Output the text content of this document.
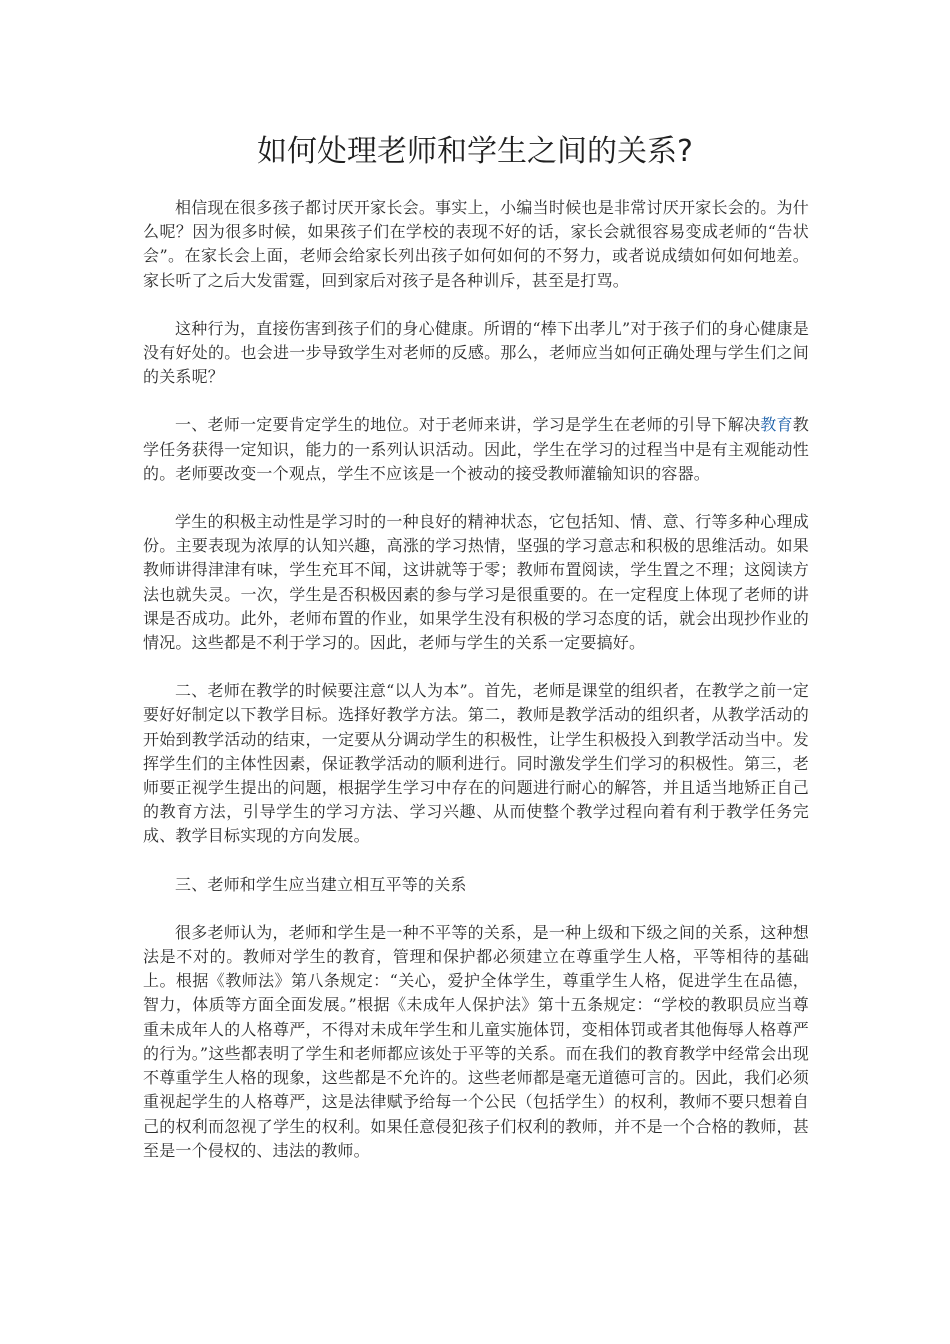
如何处理老师和学生之间的关系?

相信现在很多孩子都讨厌开家长会。事实上，小编当时候也是非常讨厌开家长会的。为什么呢？因为很多时候，如果孩子们在学校的表现不好的话，家长会就很容易变成老师的“告状会”。在家长会上面，老师会给家长列出孩子如何如何的不努力，或者说成绩如何如何地差。家长听了之后大发雷霆，回到家后对孩子是各种训斥，甚至是打骂。

这种行为，直接伤害到孩子们的身心健康。所谓的“棒下出孝儿”对于孩子们的身心健康是没有好处的。也会进一步导致学生对老师的反感。那么，老师应当如何正确处理与学生们之间的关系呢？

一、老师一定要肯定学生的地位。对于老师来讲，学习是学生在老师的引导下解决教育教学任务获得一定知识，能力的一系列认识活动。因此，学生在学习的过程当中是有主观能动性的。老师要改变一个观点，学生不应该是一个被动的接受教师灌输知识的容器。

学生的积极主动性是学习时的一种良好的精神状态，它包括知、情、意、行等多种心理成份。主要表现为浓厚的认知兴趣，高涨的学习热情，坚强的学习意志和积极的思维活动。如果教师讲得津津有味，学生充耳不闻，这讲就等于零；教师布置阅读，学生置之不理；这阅读方法也就失灵。一次，学生是否积极因素的参与学习是很重要的。在一定程度上体现了老师的讲课是否成功。此外，老师布置的作业，如果学生没有积极的学习态度的话，就会出现抄作业的情况。这些都是不利于学习的。因此，老师与学生的关系一定要搞好。

二、老师在教学的时候要注意“以人为本”。首先，老师是课堂的组织者，在教学之前一定要好好制定以下教学目标。选择好教学方法。第二，教师是教学活动的组织者，从教学活动的开始到教学活动的结束，一定要从分调动学生的积极性，让学生积极投入到教学活动当中。发挥学生们的主体性因素，保证教学活动的顺利进行。同时激发学生们学习的积极性。第三，老师要正视学生提出的问题，根据学生学习中存在的问题进行耐心的解答，并且适当地矫正自己的教育方法，引导学生的学习方法、学习兴趣、从而使整个教学过程向着有利于教学任务完成、教学目标实现的方向发展。

三、老师和学生应当建立相互平等的关系

很多老师认为，老师和学生是一种不平等的关系，是一种上级和下级之间的关系，这种想法是不对的。教师对学生的教育，管理和保护都必须建立在尊重学生人格，平等相待的基础上。根据《教师法》第八条规定：“关心，爱护全体学生，尊重学生人格，促进学生在品德，智力，体质等方面全面发展。”根据《未成年人保护法》第十五条规定：“学校的教职员应当尊重未成年人的人格尊严，不得对未成年学生和儿童实施体罚，变相体罚或者其他侮辱人格尊严的行为。”这些都表明了学生和老师都应该处于平等的关系。而在我们的教育教学中经常会出现不尊重学生人格的现象，这些都是不允许的。这些老师都是毫无道德可言的。因此，我们必须重视起学生的人格尊严，这是法律赋予给每一个公民（包括学生）的权利，教师不要只想着自己的权利而忽视了学生的权利。如果任意侵犯孩子们权利的教师，并不是一个合格的教师，甚至是一个侵权的、违法的教师。
